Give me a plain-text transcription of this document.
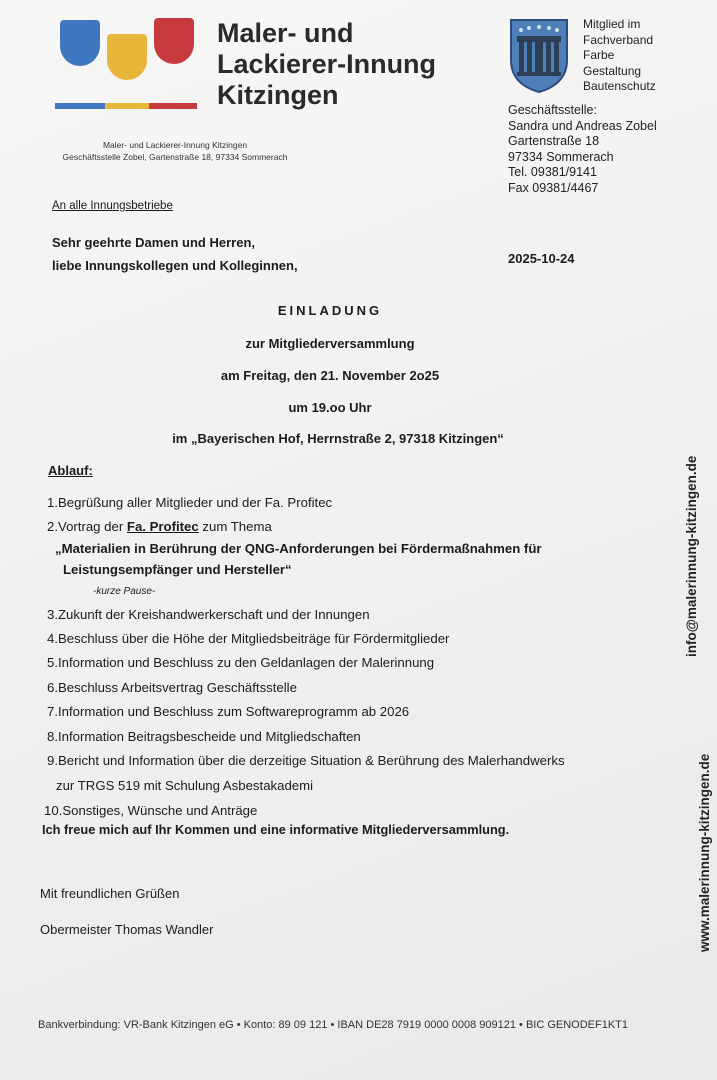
Maler- und
Lackierer-Innung
Kitzingen
Maler- und Lackierer-Innung Kitzingen
Geschäftsstelle Zobel, Gartenstraße 18, 97334 Sommerach
Mitglied im
Fachverband
Farbe
Gestaltung
Bautenschutz
Geschäftsstelle:
Sandra und Andreas Zobel
Gartenstraße 18
97334 Sommerach
Tel. 09381/9141
Fax 09381/4467
An alle Innungsbetriebe
Sehr geehrte Damen und Herren,
liebe Innungskollegen und Kolleginnen,	2025-10-24
EINLADUNG
zur Mitgliederversammlung
am Freitag, den 21. November 2o25
um 19.oo Uhr
im „Bayerischen Hof, Herrnstraße 2, 97318 Kitzingen“
Ablauf:
1.Begrüßung aller Mitglieder und der Fa. Profitec
2.Vortrag der Fa. Profitec zum Thema
„Materialien in Berührung der QNG-Anforderungen bei Fördermaßnahmen für
Leistungsempfänger und Hersteller“
-kurze Pause-
3.Zukunft der Kreishandwerkerschaft und der Innungen
4.Beschluss über die Höhe der Mitgliedsbeiträge für Fördermitglieder
5.Information und Beschluss zu den Geldanlagen der Malerinnung
6.Beschluss Arbeitsvertrag Geschäftsstelle
7.Information und Beschluss zum Softwareprogramm ab 2026
8.Information Beitragsbescheide und Mitgliedschaften
9.Bericht und Information über die derzeitige Situation & Berührung des Malerhandwerks
zur TRGS 519 mit Schulung Asbestakademi
10.Sonstiges, Wünsche und Anträge
Ich freue mich auf Ihr Kommen und eine informative Mitgliederversammlung.
Mit freundlichen Grüßen
Obermeister Thomas Wandler
info@malerinnung-kitzingen.de
www.malerinnung-kitzingen.de
Bankverbindung: VR-Bank Kitzingen eG • Konto: 89 09 121 • IBAN DE28 7919 0000 0008 909121 • BIC GENODEF1KT1
